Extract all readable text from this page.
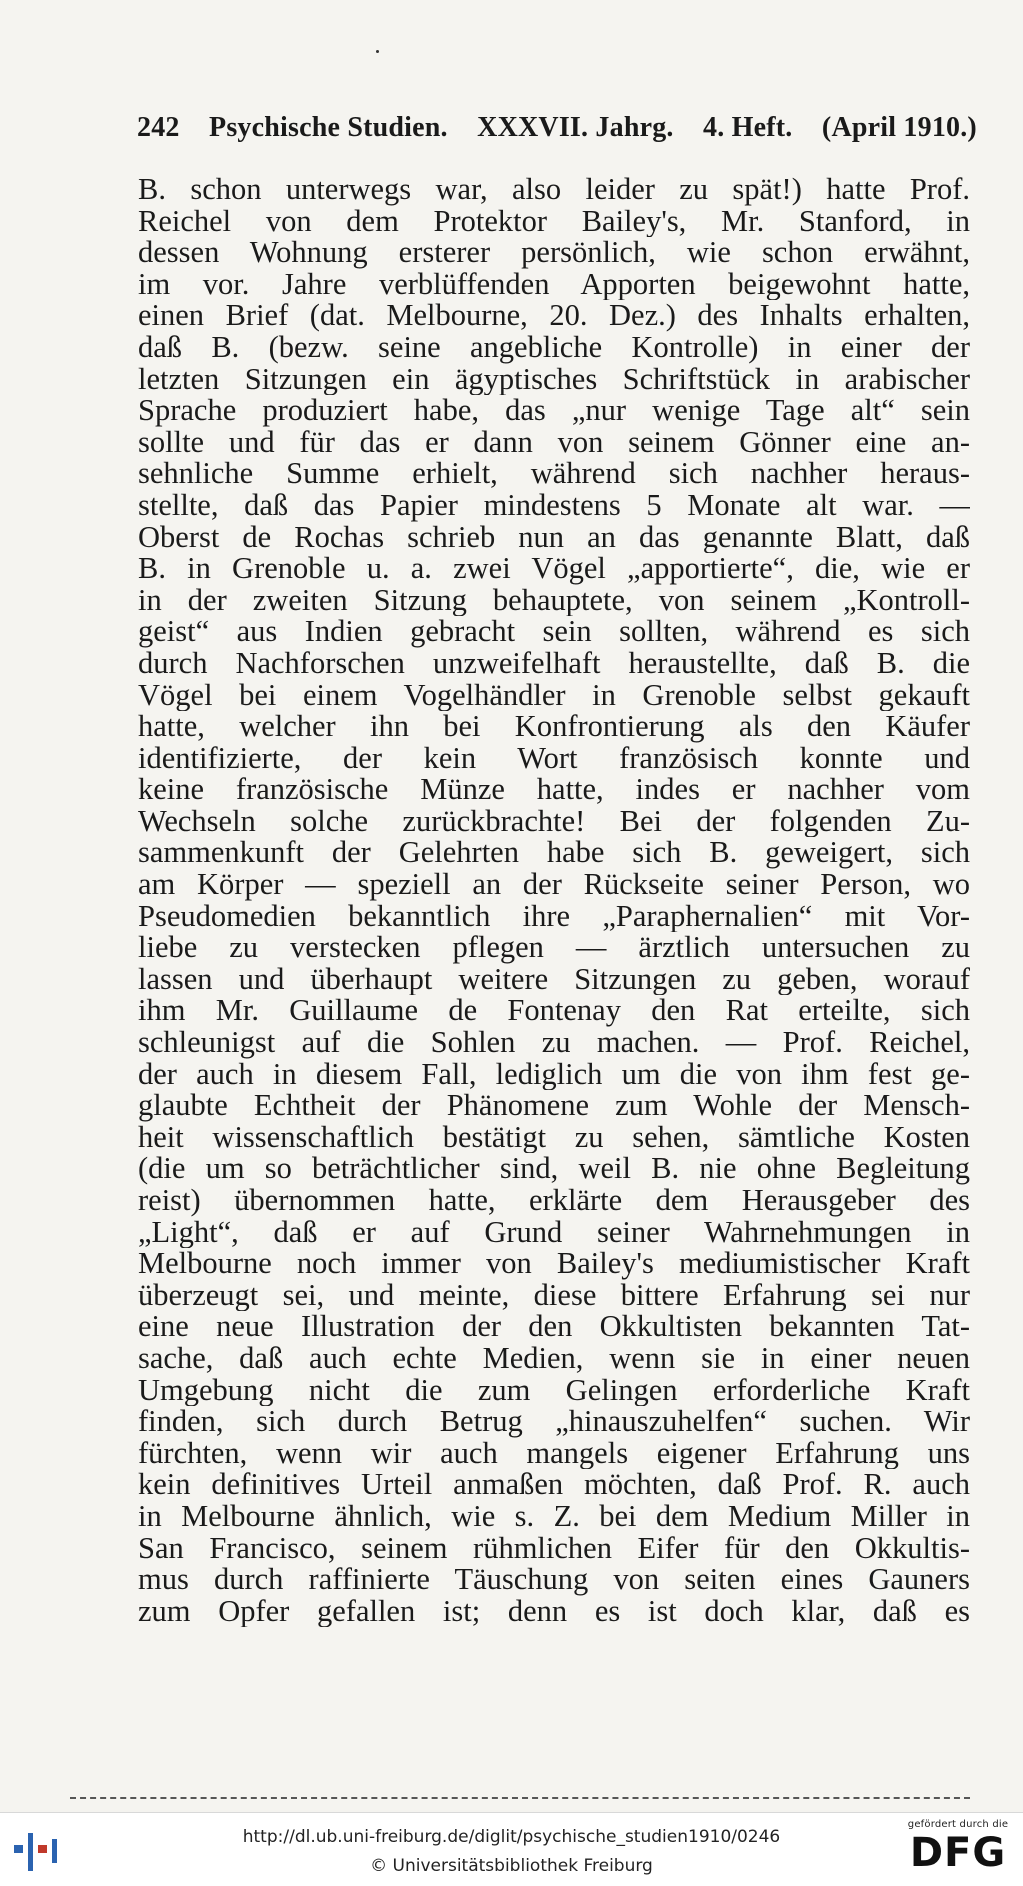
242 Psychische Studien. XXXVII. Jahrg. 4. Heft. (April 1910.)
B. schon unterwegs war, also leider zu spät!) hatte Prof.
Reichel von dem Protektor Bailey's, Mr. Stanford, in
dessen Wohnung ersterer persönlich, wie schon erwähnt,
im vor. Jahre verblüffenden Apporten beigewohnt hatte,
einen Brief (dat. Melbourne, 20. Dez.) des Inhalts erhalten,
daß B. (bezw. seine angebliche Kontrolle) in einer der
letzten Sitzungen ein ägyptisches Schriftstück in arabischer
Sprache produziert habe, das „nur wenige Tage alt“ sein
sollte und für das er dann von seinem Gönner eine an-
sehnliche Summe erhielt, während sich nachher heraus-
stellte, daß das Papier mindestens 5 Monate alt war. —
Oberst de Rochas schrieb nun an das genannte Blatt, daß
B. in Grenoble u. a. zwei Vögel „apportierte“, die, wie er
in der zweiten Sitzung behauptete, von seinem „Kontroll-
geist“ aus Indien gebracht sein sollten, während es sich
durch Nachforschen unzweifelhaft heraustellte, daß B. die
Vögel bei einem Vogelhändler in Grenoble selbst gekauft
hatte, welcher ihn bei Konfrontierung als den Käufer
identifizierte, der kein Wort französisch konnte und
keine französische Münze hatte, indes er nachher vom
Wechseln solche zurückbrachte! Bei der folgenden Zu-
sammenkunft der Gelehrten habe sich B. geweigert, sich
am Körper — speziell an der Rückseite seiner Person, wo
Pseudomedien bekanntlich ihre „Paraphernalien“ mit Vor-
liebe zu verstecken pflegen — ärztlich untersuchen zu
lassen und überhaupt weitere Sitzungen zu geben, worauf
ihm Mr. Guillaume de Fontenay den Rat erteilte, sich
schleunigst auf die Sohlen zu machen. — Prof. Reichel,
der auch in diesem Fall, lediglich um die von ihm fest ge-
glaubte Echtheit der Phänomene zum Wohle der Mensch-
heit wissenschaftlich bestätigt zu sehen, sämtliche Kosten
(die um so beträchtlicher sind, weil B. nie ohne Begleitung
reist) übernommen hatte, erklärte dem Herausgeber des
„Light“, daß er auf Grund seiner Wahrnehmungen in
Melbourne noch immer von Bailey's mediumistischer Kraft
überzeugt sei, und meinte, diese bittere Erfahrung sei nur
eine neue Illustration der den Okkultisten bekannten Tat-
sache, daß auch echte Medien, wenn sie in einer neuen
Umgebung nicht die zum Gelingen erforderliche Kraft
finden, sich durch Betrug „hinauszuhelfen“ suchen. Wir
fürchten, wenn wir auch mangels eigener Erfahrung uns
kein definitives Urteil anmaßen möchten, daß Prof. R. auch
in Melbourne ähnlich, wie s. Z. bei dem Medium Miller in
San Francisco, seinem rühmlichen Eifer für den Okkultis-
mus durch raffinierte Täuschung von seiten eines Gauners
zum Opfer gefallen ist; denn es ist doch klar, daß es
http://dl.ub.uni-freiburg.de/diglit/psychische_studien1910/0246
© Universitätsbibliothek Freiburg
gefördert durch die
DFG
